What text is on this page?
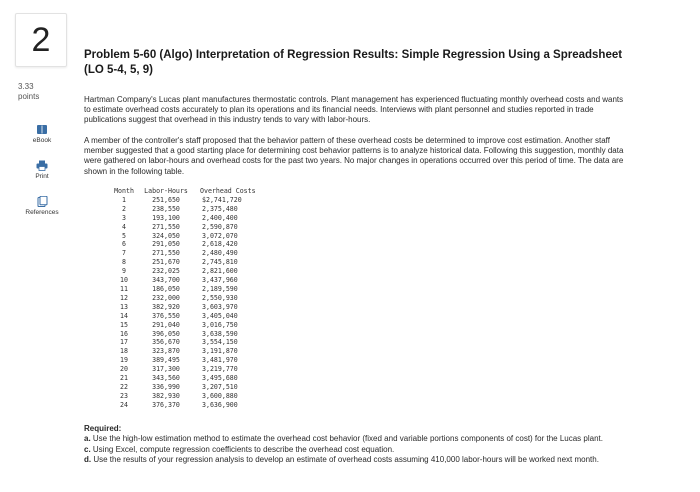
2
3.33
points
eBook
Print
References
Problem 5-60 (Algo) Interpretation of Regression Results: Simple Regression Using a Spreadsheet (LO 5-4, 5, 9)
Hartman Company's Lucas plant manufactures thermostatic controls. Plant management has experienced fluctuating monthly overhead costs and wants to estimate overhead costs accurately to plan its operations and its financial needs. Interviews with plant personnel and studies reported in trade publications suggest that overhead in this industry tends to vary with labor-hours.
A member of the controller's staff proposed that the behavior pattern of these overhead costs be determined to improve cost estimation. Another staff member suggested that a good starting place for determining cost behavior patterns is to analyze historical data. Following this suggestion, monthly data were gathered on labor-hours and overhead costs for the past two years. No major changes in operations occurred over this period of time. The data are shown in the following table.
Month	Labor-Hours	Overhead Costs
1	251,650	$2,741,720
2	238,550	2,375,480
3	193,100	2,400,400
4	271,550	2,590,870
5	324,050	3,072,070
6	291,050	2,618,420
7	271,550	2,480,490
8	251,670	2,745,810
9	232,025	2,821,600
10	343,700	3,437,960
11	186,050	2,189,590
12	232,000	2,550,930
13	382,920	3,603,970
14	376,550	3,405,040
15	291,040	3,016,750
16	396,050	3,638,590
17	356,670	3,554,150
18	323,870	3,191,870
19	389,495	3,481,970
20	317,300	3,219,770
21	343,560	3,495,680
22	336,990	3,207,510
23	382,930	3,600,880
24	376,370	3,636,900
Required:
a. Use the high-low estimation method to estimate the overhead cost behavior (fixed and variable portions components of cost) for the Lucas plant.
c. Using Excel, compute regression coefficients to describe the overhead cost equation.
d. Use the results of your regression analysis to develop an estimate of overhead costs assuming 410,000 labor-hours will be worked next month.
